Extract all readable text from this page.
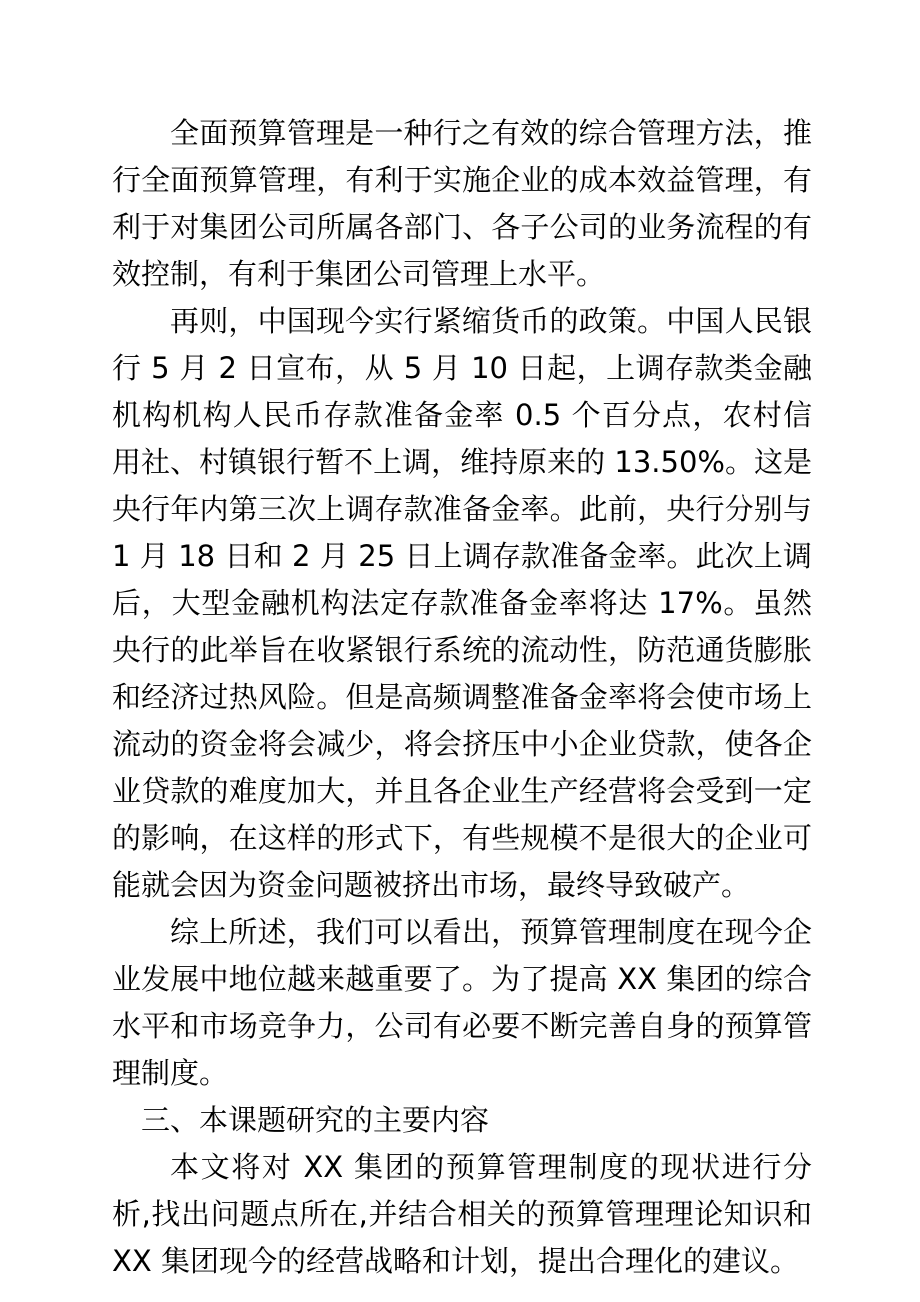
全面预算管理是一种行之有效的综合管理方法，推行全面预算管理，有利于实施企业的成本效益管理，有利于对集团公司所属各部门、各子公司的业务流程的有效控制，有利于集团公司管理上水平。

再则，中国现今实行紧缩货币的政策。中国人民银行 5 月 2 日宣布，从 5 月 10 日起，上调存款类金融机构机构人民币存款准备金率 0.5 个百分点，农村信用社、村镇银行暂不上调，维持原来的 13.50%。这是央行年内第三次上调存款准备金率。此前，央行分别与 1 月 18 日和 2 月 25 日上调存款准备金率。此次上调后，大型金融机构法定存款准备金率将达 17%。虽然央行的此举旨在收紧银行系统的流动性，防范通货膨胀和经济过热风险。但是高频调整准备金率将会使市场上流动的资金将会减少，将会挤压中小企业贷款，使各企业贷款的难度加大，并且各企业生产经营将会受到一定的影响，在这样的形式下，有些规模不是很大的企业可能就会因为资金问题被挤出市场，最终导致破产。

综上所述，我们可以看出，预算管理制度在现今企业发展中地位越来越重要了。为了提高 XX 集团的综合水平和市场竞争力，公司有必要不断完善自身的预算管理制度。

三、本课题研究的主要内容

本文将对 XX 集团的预算管理制度的现状进行分析,找出问题点所在,并结合相关的预算管理理论知识和 XX 集团现今的经营战略和计划，提出合理化的建议。
